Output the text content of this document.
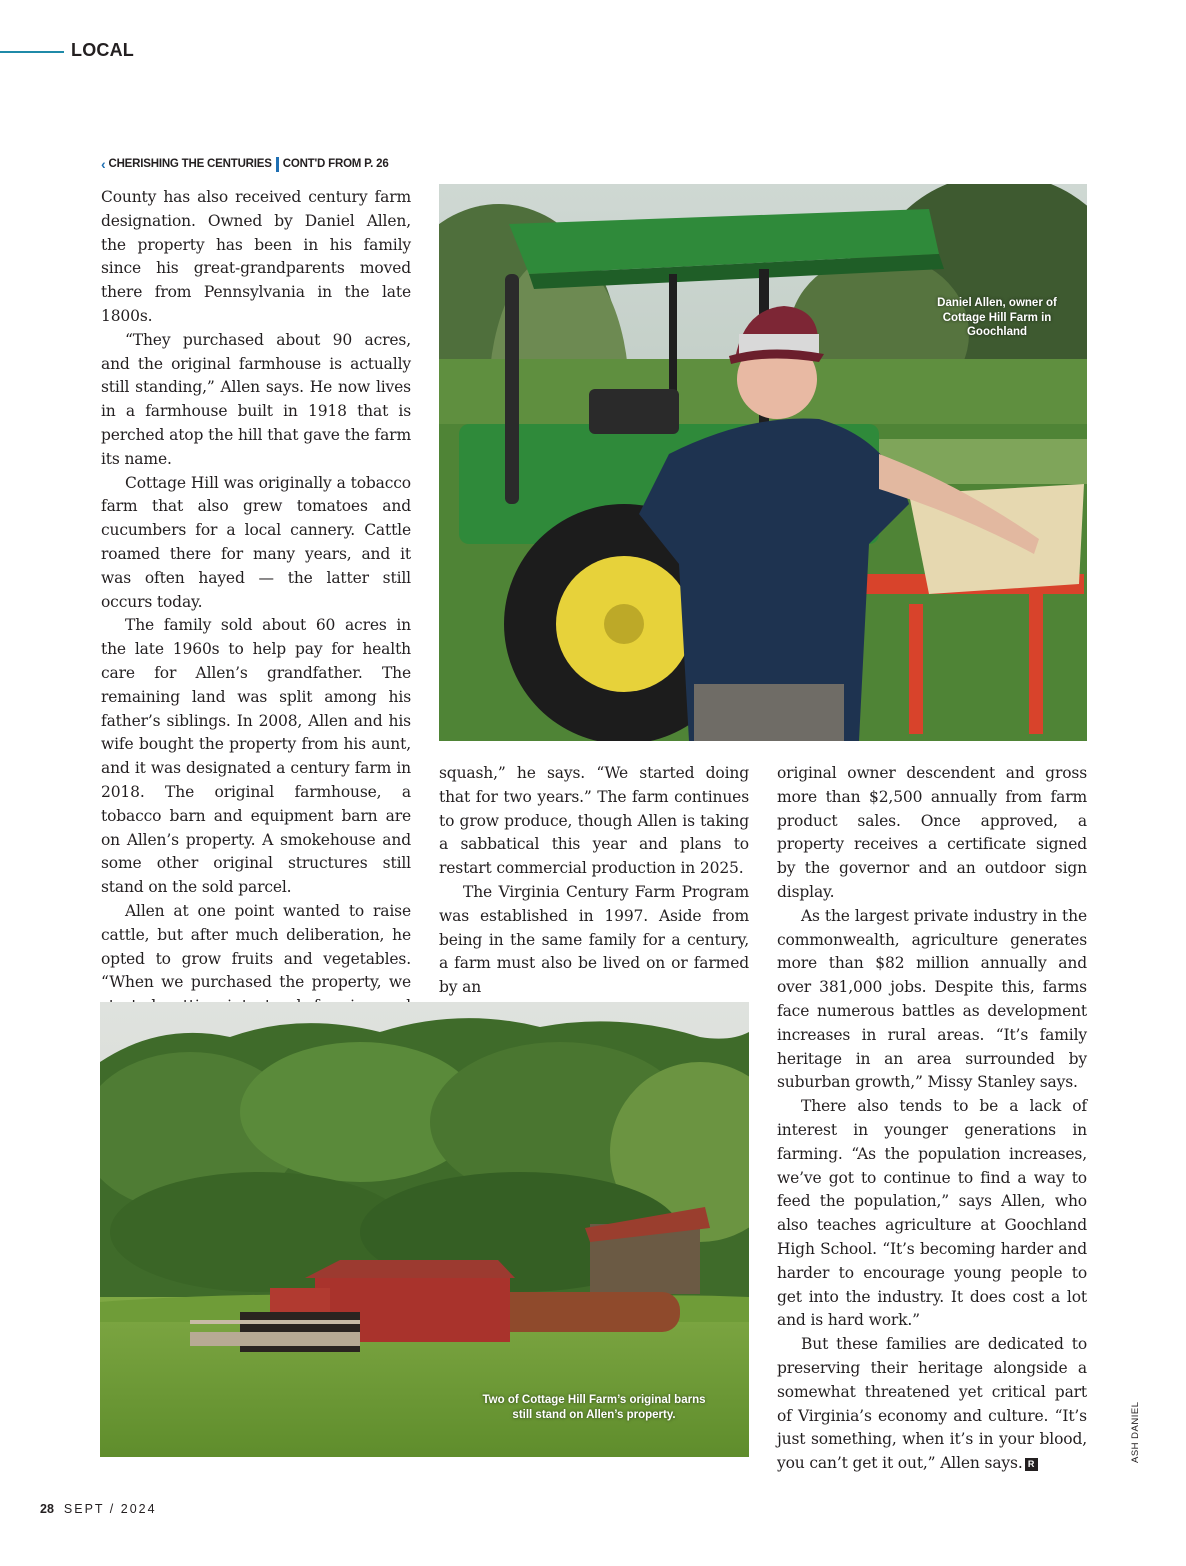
LOCAL
‹ CHERISHING THE CENTURIES CONT'D FROM P. 26

County has also received century farm designation. Owned by Daniel Allen, the property has been in his family since his great-grandparents moved there from Pennsylvania in the late 1800s.

“They purchased about 90 acres, and the original farmhouse is actually still standing,” Allen says. He now lives in a farmhouse built in 1918 that is perched atop the hill that gave the farm its name.

Cottage Hill was originally a tobacco farm that also grew tomatoes and cucumbers for a local cannery. Cattle roamed there for many years, and it was often hayed — the latter still occurs today.

The family sold about 60 acres in the late 1960s to help pay for health care for Allen’s grandfather. The remaining land was split among his father’s siblings. In 2008, Allen and his wife bought the property from his aunt, and it was designated a century farm in 2018. The original farmhouse, a tobacco barn and equipment barn are on Allen’s property. A smokehouse and some other original structures still stand on the sold parcel.

Allen at one point wanted to raise cattle, but after much deliberation, he opted to grow fruits and vegetables. “When we purchased the property, we

Daniel Allen, owner of Cottage Hill Farm in Goochland

squash,” he says. “We started doing that for two years.” The farm continues to grow produce, though Allen is taking a sabbatical this year and plans to restart commercial production in 2025.

The Virginia Century Farm Program was established in 1997. Aside from being in the same family for a century, a farm must also be lived on or farmed by an

original owner descendent and gross more than $2,500 annually from farm product sales. Once approved, a property receives a certificate signed by the governor and an outdoor sign display.

As the largest private industry in the commonwealth, agriculture generates more than $82 million annually and over 381,000 jobs. Despite this, farms face numerous battles as development increases in rural areas. “It’s family heritage in an area surrounded by suburban growth,” Missy Stanley says.

There also tends to be a lack of interest in younger generations in farming. “As the population increases, we’ve got to continue to find a way to feed the population,” says Allen, who also teaches agriculture at Goochland High School. “It’s becoming harder and harder to encourage young people to get into the industry. It does cost a lot and is hard work.”

But these families are dedicated to preserving their heritage alongside a somewhat threatened yet critical part of Virginia’s economy and culture. “It’s just something, when it’s in your blood, you can’t get it out,” Allen says. R

Two of Cottage Hill Farm’s original barns still stand on Allen’s property.	ASH DANIEL
28 SEPT / 2024
